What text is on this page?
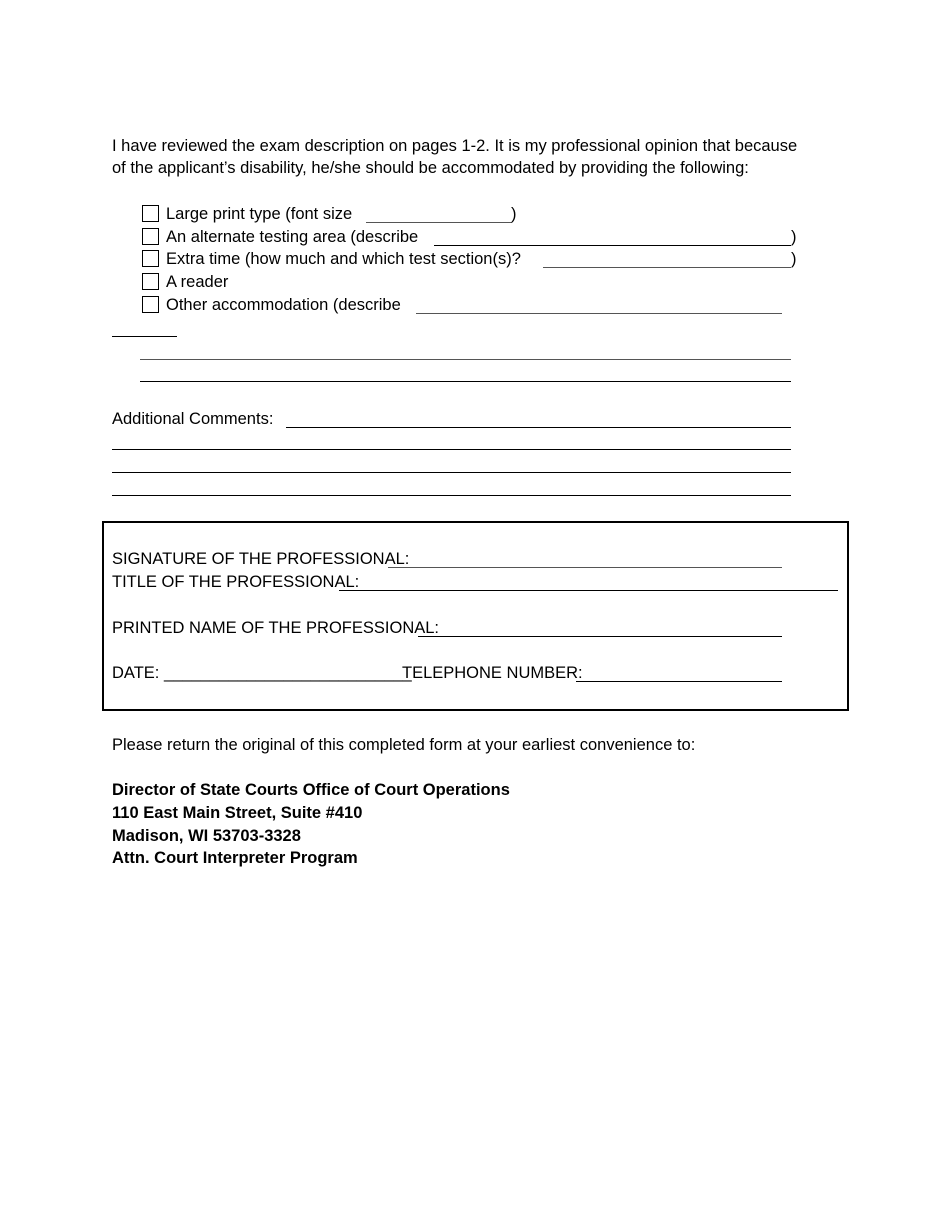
I have reviewed the exam description on pages 1-2. It is my professional opinion that because
of the applicant’s disability, he/she should be accommodated by providing the following:
Large print type (font size	)
An alternate testing area (describe	)
Extra time (how much and which test section(s)?	)
A reader
Other accommodation (describe
Additional Comments:
SIGNATURE OF THE PROFESSIONAL:
TITLE OF THE PROFESSIONAL:
PRINTED NAME OF THE PROFESSIONAL:
DATE: ___________________________
TELEPHONE NUMBER:
Please return the original of this completed form at your earliest convenience to:
Director of State Courts Office of Court Operations
110 East Main Street, Suite #410
Madison, WI 53703-3328
Attn. Court Interpreter Program
